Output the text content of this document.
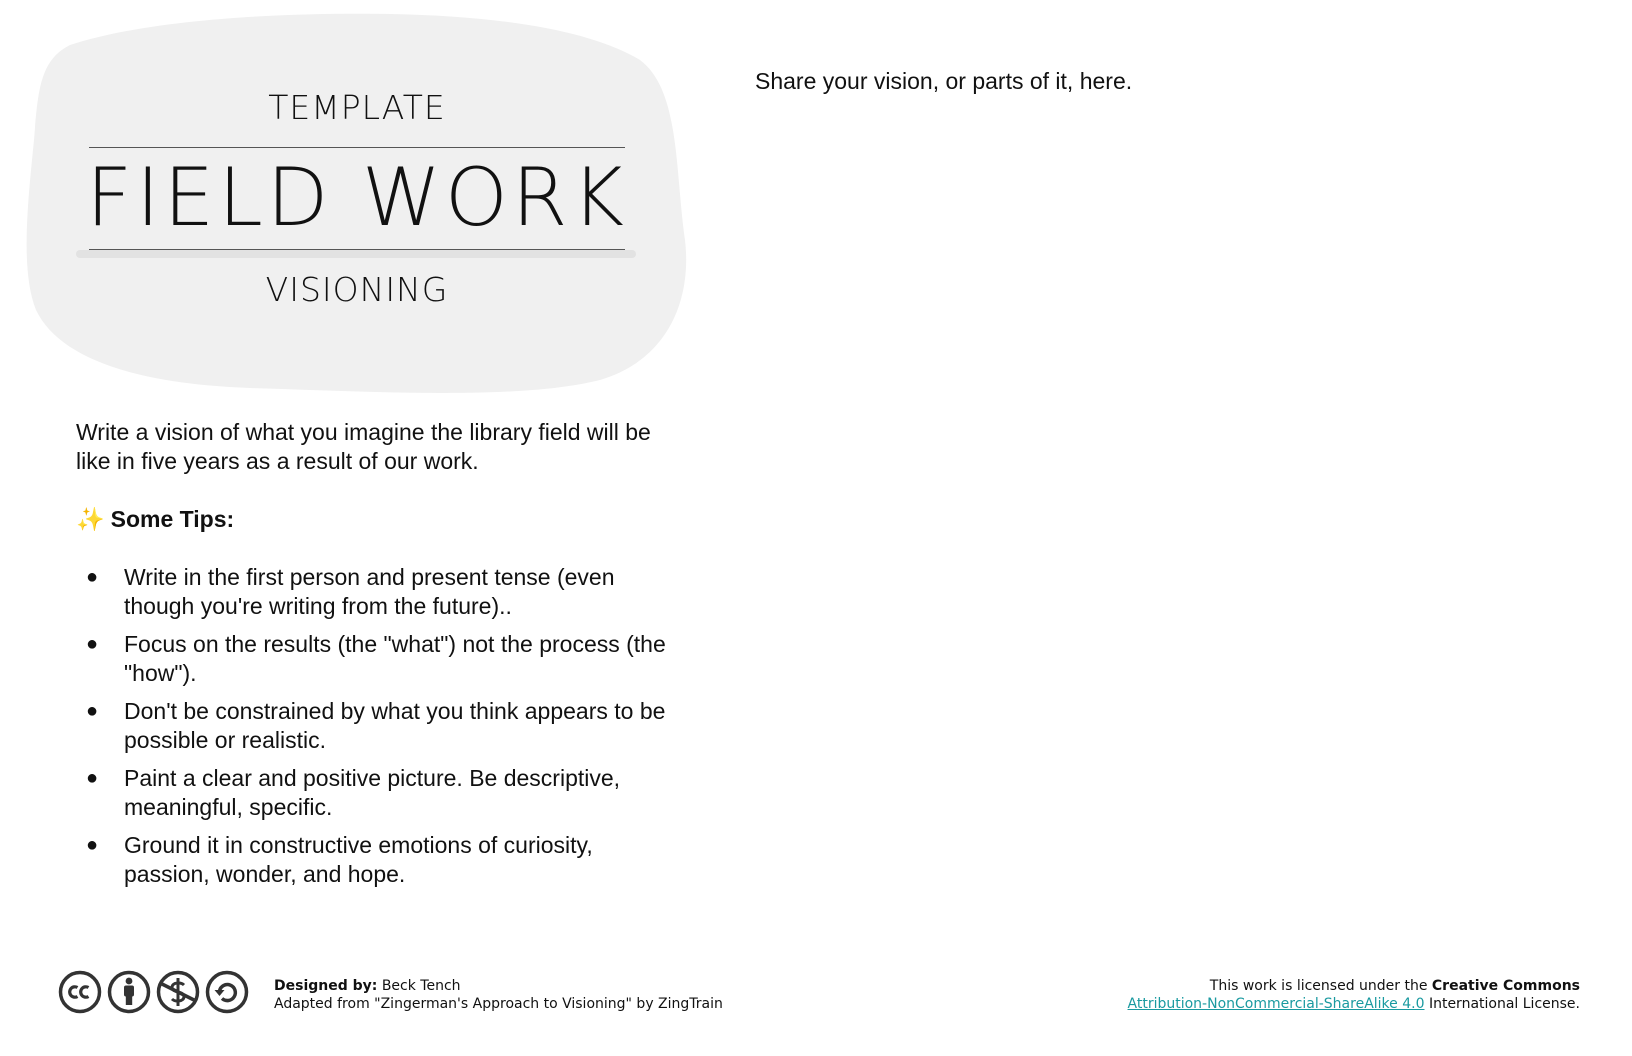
TEMPLATE
FIELD WORK
VISIONING
Write a vision of what you imagine the library field will be like in five years as a result of our work.
✨ Some Tips:
● Write in the first person and present tense (even though you're writing from the future)..
● Focus on the results (the "what") not the process (the "how").
● Don't be constrained by what you think appears to be possible or realistic.
● Paint a clear and positive picture. Be descriptive, meaningful, specific.
● Ground it in constructive emotions of curiosity, passion, wonder, and hope.
Share your vision, or parts of it, here.
Designed by: Beck Tench
Adapted from "Zingerman's Approach to Visioning" by ZingTrain
This work is licensed under the Creative Commons
Attribution-NonCommercial-ShareAlike 4.0 International License.
